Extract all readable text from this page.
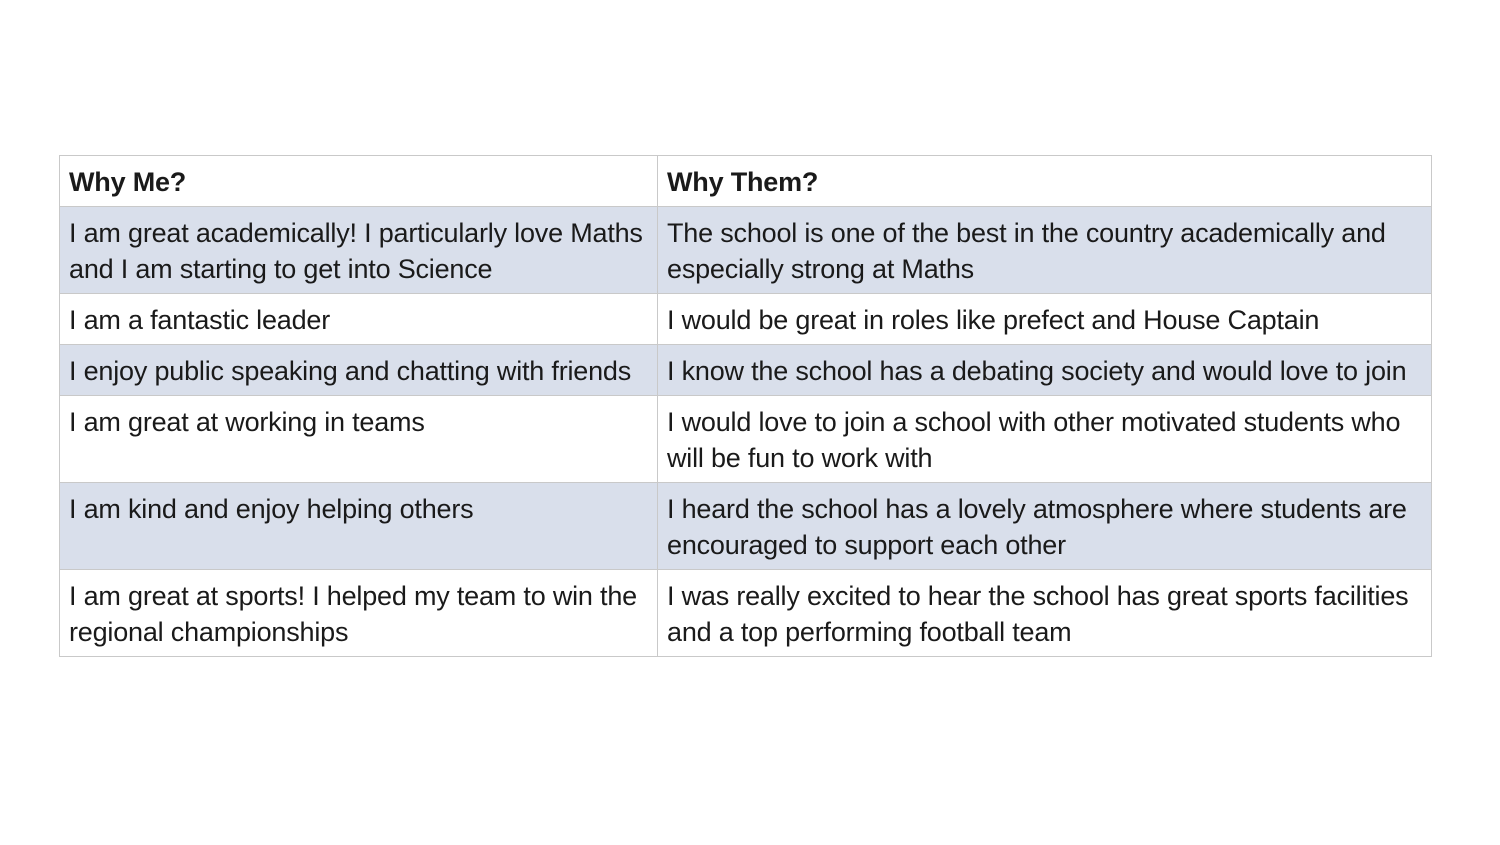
Why Me?	Why Them?
I am great academically! I particularly love Maths and I am starting to get into Science	The school is one of the best in the country academically and especially strong at Maths
I am a fantastic leader	I would be great in roles like prefect and House Captain
I enjoy public speaking and chatting with friends	I know the school has a debating society and would love to join
I am great at working in teams	I would love to join a school with other motivated students who will be fun to work with
I am kind and enjoy helping others	I heard the school has a lovely atmosphere where students are encouraged to support each other
I am great at sports! I helped my team to win the regional championships	I was really excited to hear the school has great sports facilities and a top performing football team
